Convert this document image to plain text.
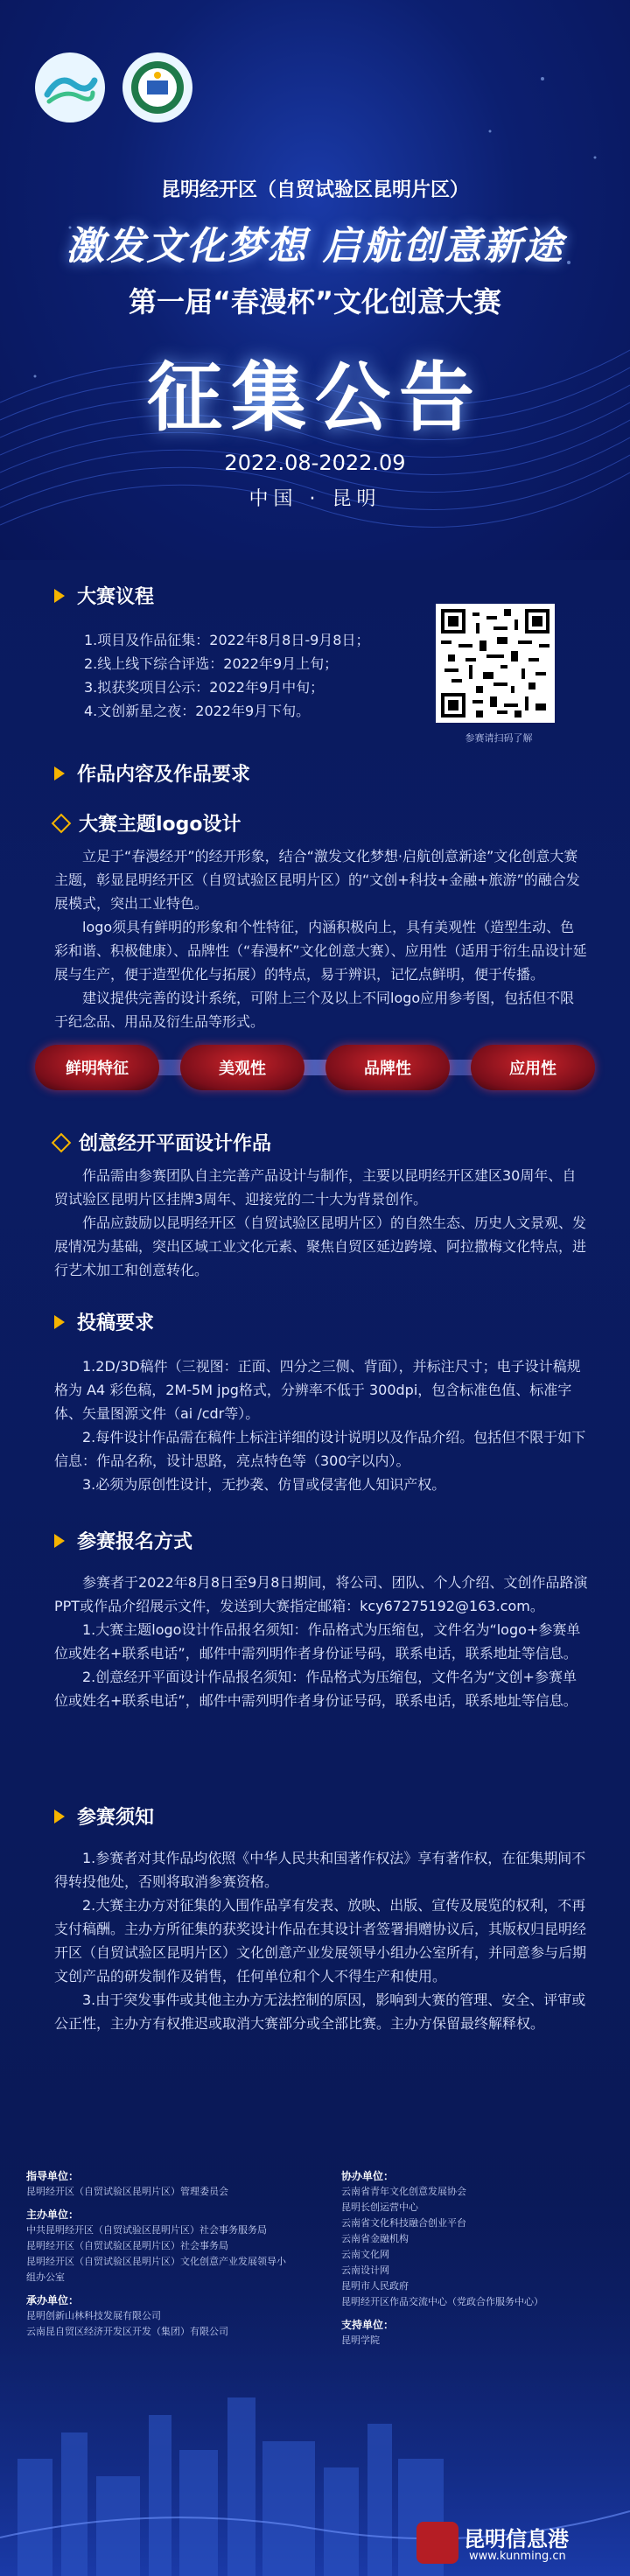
昆明经开区（自贸试验区昆明片区）
激发文化梦想 启航创意新途
第一届“春漫杯”文化创意大赛
征集公告
2022.08-2022.09
中国 · 昆明
大赛议程

1.项目及作品征集：2022年8月8日-9月8日；

2.线上线下综合评选：2022年9月上旬；

3.拟获奖项目公示：2022年9月中旬；

4.文创新星之夜：2022年9月下旬。

参赛请扫码了解
作品内容及作品要求
大赛主题logo设计

立足于“春漫经开”的经开形象，结合“激发文化梦想·启航创意新途”文化创意大赛主题，彰显昆明经开区（自贸试验区昆明片区）的“文创+科技+金融+旅游”的融合发展模式，突出工业特色。

logo须具有鲜明的形象和个性特征，内涵积极向上，具有美观性（造型生动、色彩和谐、积极健康）、品牌性（“春漫杯”文化创意大赛）、应用性（适用于衍生品设计延展与生产，便于造型优化与拓展）的特点，易于辨识，记忆点鲜明，便于传播。

建议提供完善的设计系统，可附上三个及以上不同logo应用参考图，包括但不限于纪念品、用品及衍生品等形式。

鲜明特征	美观性	品牌性	应用性
创意经开平面设计作品

作品需由参赛团队自主完善产品设计与制作，主要以昆明经开区建区30周年、自贸试验区昆明片区挂牌3周年、迎接党的二十大为背景创作。

作品应鼓励以昆明经开区（自贸试验区昆明片区）的自然生态、历史人文景观、发展情况为基础，突出区域工业文化元素、聚焦自贸区延边跨境、阿拉撒梅文化特点，进行艺术加工和创意转化。

投稿要求

1.2D/3D稿件（三视图：正面、四分之三侧、背面），并标注尺寸；电子设计稿规格为 A4 彩色稿，2M-5M jpg格式，分辨率不低于 300dpi，包含标准色值、标准字体、矢量图源文件（ai /cdr等）。

2.每件设计作品需在稿件上标注详细的设计说明以及作品介绍。包括但不限于如下信息：作品名称，设计思路，亮点特色等（300字以内）。

3.必须为原创性设计，无抄袭、仿冒或侵害他人知识产权。

参赛报名方式

参赛者于2022年8月8日至9月8日期间，将公司、团队、个人介绍、文创作品路演PPT或作品介绍展示文件，发送到大赛指定邮箱：kcy67275192@163.com。

1.大赛主题logo设计作品报名须知：作品格式为压缩包，文件名为“logo+参赛单位或姓名+联系电话”，邮件中需列明作者身份证号码，联系电话，联系地址等信息。

2.创意经开平面设计作品报名须知：作品格式为压缩包，文件名为“文创+参赛单位或姓名+联系电话”，邮件中需列明作者身份证号码，联系电话，联系地址等信息。

参赛须知

1.参赛者对其作品均依照《中华人民共和国著作权法》享有著作权，在征集期间不得转投他处，否则将取消参赛资格。

2.大赛主办方对征集的入围作品享有发表、放映、出版、宣传及展览的权利，不再支付稿酬。主办方所征集的获奖设计作品在其设计者签署捐赠协议后，其版权归昆明经开区（自贸试验区昆明片区）文化创意产业发展领导小组办公室所有，并同意参与后期文创产品的研发制作及销售，任何单位和个人不得生产和使用。

3.由于突发事件或其他主办方无法控制的原因，影响到大赛的管理、安全、评审或公正性，主办方有权推迟或取消大赛部分或全部比赛。主办方保留最终解释权。

指导单位：
昆明经开区（自贸试验区昆明片区）管理委员会
主办单位：
中共昆明经开区（自贸试验区昆明片区）社会事务服务局
昆明经开区（自贸试验区昆明片区）社会事务局
昆明经开区（自贸试验区昆明片区）文化创意产业发展领导小组办公室
承办单位：
昆明创新山林科技发展有限公司
云南昆自贸区经济开发区开发（集团）有限公司
协办单位：
云南省青年文化创意发展协会
昆明长创运营中心
云南省文化科技融合创业平台
云南省金融机构
云南文化网
云南设计网
昆明市人民政府
昆明经开区作品交流中心（党政合作服务中心）
支持单位：
昆明学院
昆明信息港
www.kunming.cn
